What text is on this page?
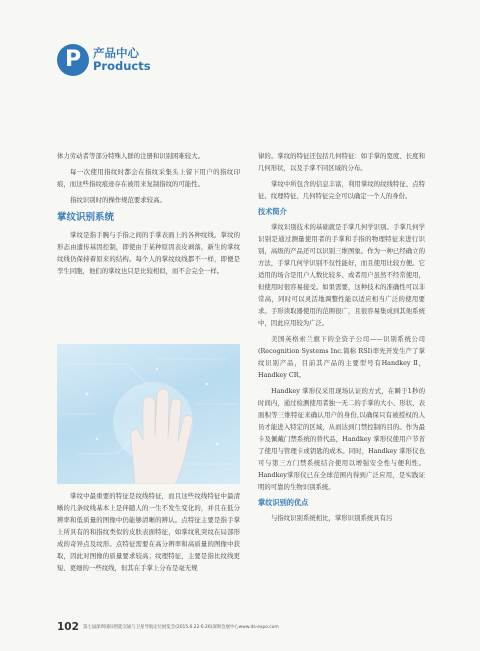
P	产品中心
Products

体力劳动者等部分特殊人群的注册和识别困难较大。

每一次使用指纹时都会在指纹采集头上留下用户的指纹印痕，而这些指纹痕迹存在被用来复制指纹的可能性。

指纹识别时的操作规范要求较高。

掌纹识别系统

掌纹是指手腕与手指之间的手掌表面上的各种纹线。掌纹的形态由遗传基因控制，即使由于某种原因表皮剥落，新生的掌纹纹线仍保持着原来的结构。每个人的掌纹纹线都不一样，即便是孪生同胞，他们的掌纹也只是比较相似，而不会完全一样。

掌纹中最重要的特征是纹线特征，而且这些纹线特征中最清晰的几条纹线基本上是伴随人的一生不发生变化的，并且在低分辨率和低质量的图像中仍能够清晰的辨认。点特征主要是指手掌上所具有的和指纹类似的皮肤表面特征，如掌纹乳突纹在局部形成的奇异点及纹形。点特征需要在高分辨率和高质量的图像中获取，因此对图像的质量要求较高；纹理特征，主要是指比纹线更短、更细的一些纹线，但其在手掌上分布是毫无规

律的。掌纹的特征还包括几何特征：如手掌的宽度、长度和几何形状，以及手掌不同区域的分布。

掌纹中所包含的信息丰富，利用掌纹的纹线特征、点特征、纹理特征、几何特征完全可以确定一个人的身份。

技术简介

掌纹识别技术的基础就是手掌几何学识别。手掌几何学识别是通过测量使用者的手掌和手指的物理特征来进行识别，高级的产品还可以识别三维图象。作为一种已经确立的方法，手掌几何学识别不仅性能好，而且使用比较方便。它适用的场合是用户人数比较多、或者用户虽然不经常使用，但使用时很容易接受。如果需要，这种技术的准确性可以非常高，同时可以灵活地调整性能以适应相当广泛的使用要求。手形读取器使用的范围很广，且很容易集成到其他系统中，因此应用较为广泛。

美国英格索兰旗下的全资子公司——识别系统公司(Recognition Systems Inc.简称 RSI)率先开发生产了掌纹识别产品，目前其产品的主要型号有Handkey Ⅱ，Handkey CR。

Handkey 掌形仪采用现场认证的方式，在瞬于1秒的时间内，通过检测使用者独一无二的手掌的大小、形状、表面积等三维特征来确认用户的身份,以确保只有被授权的人员才能进入特定的区域，从而达到门禁控制的目的。作为最卡及佩戴门禁系统的替代品，Handkey 掌形仪使用户节省了使用与管理卡或钥匙的成本。同时，Handkey 掌形仪也可与第三方门禁系统结合使用以增强安全性与便利性。Handkey掌形仪已在全球范围内得到广泛应用，是实践证明的可靠的生物识别系统。

掌纹识别的优点

与指纹识别系统相比，掌形识别系统具有污

102 第七届深圳国际智能交通与卫星导航定位展览会(2015.6.22-6.26)深圳会展中心www.its-expo.com
